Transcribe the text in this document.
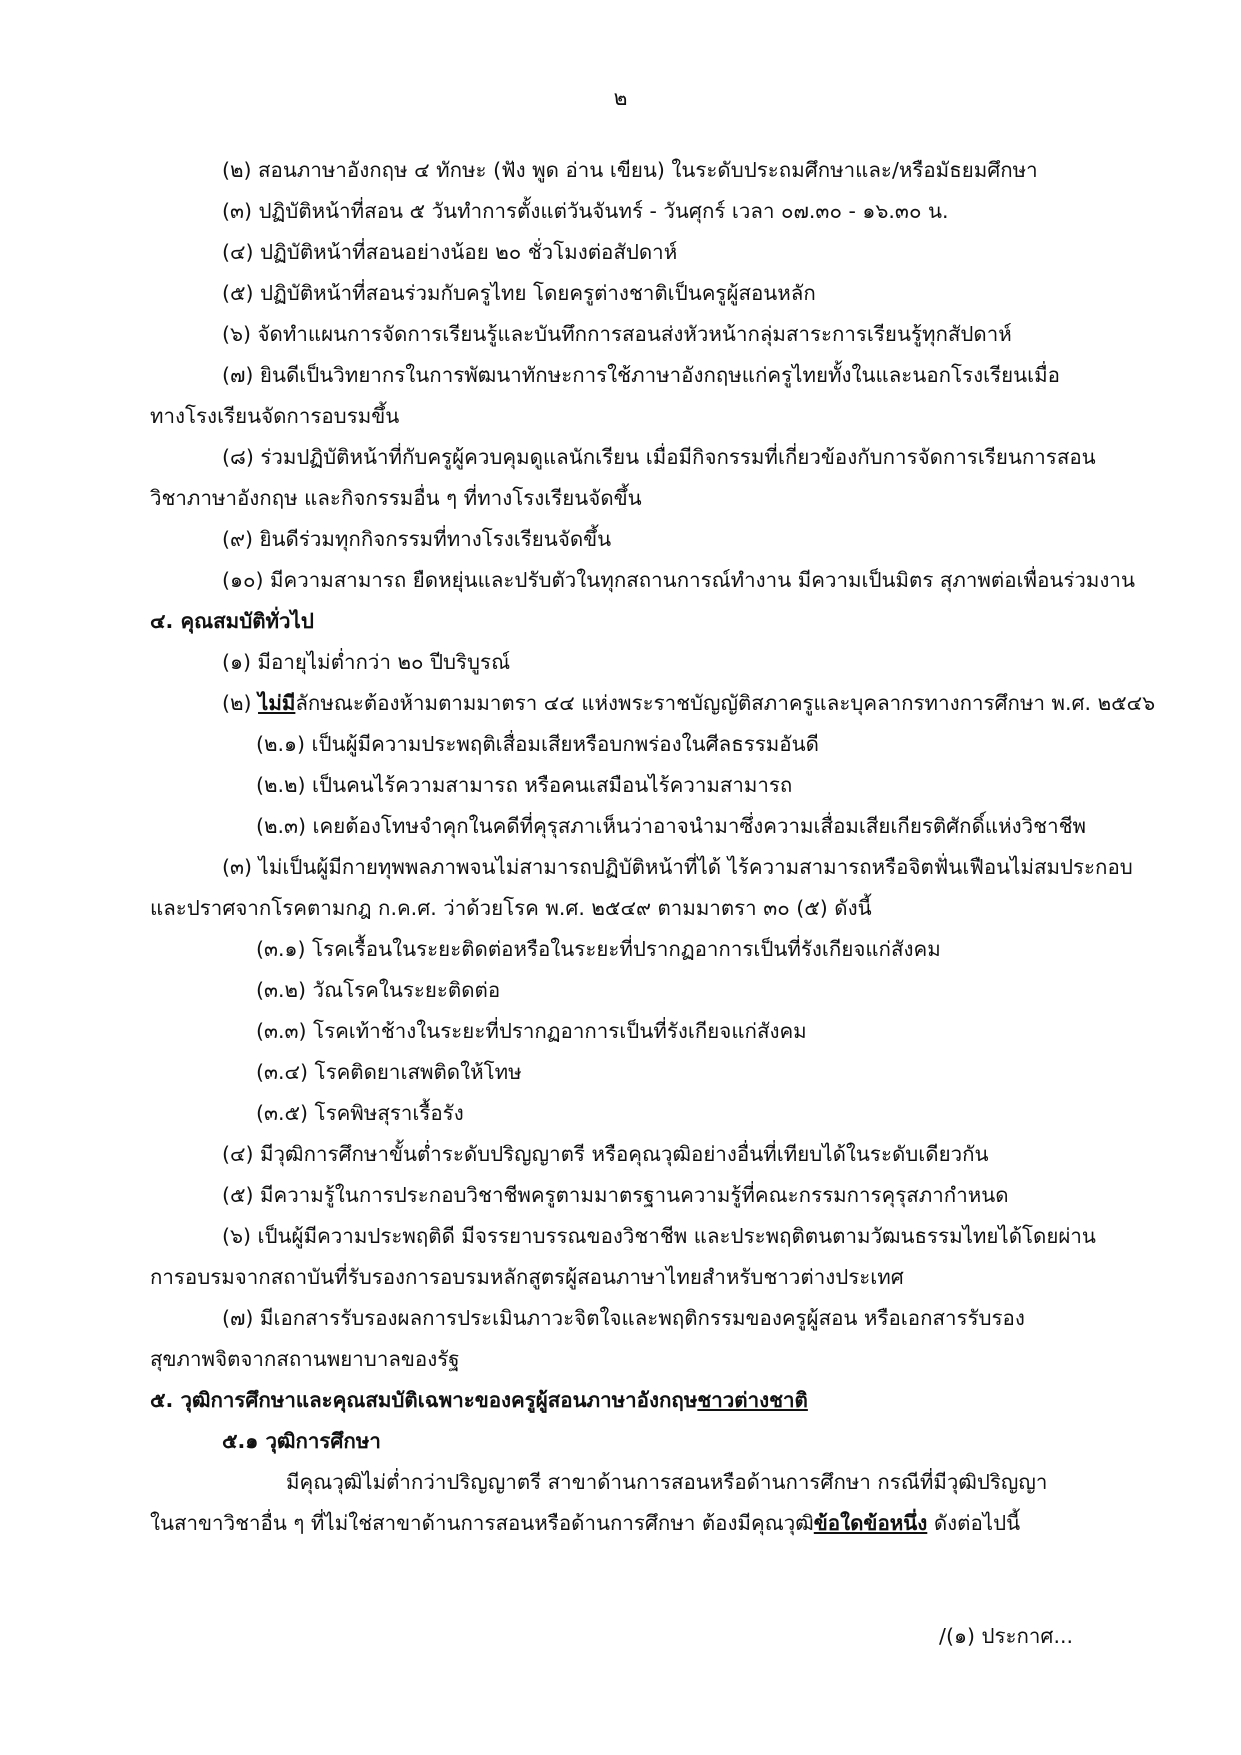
๒
(๒) สอนภาษาอังกฤษ ๔ ทักษะ (ฟัง พูด อ่าน เขียน) ในระดับประถมศึกษาและ/หรือมัธยมศึกษา
(๓) ปฏิบัติหน้าที่สอน ๕ วันทำการตั้งแต่วันจันทร์ - วันศุกร์ เวลา ๐๗.๓๐ - ๑๖.๓๐ น.
(๔) ปฏิบัติหน้าที่สอนอย่างน้อย ๒๐ ชั่วโมงต่อสัปดาห์
(๕) ปฏิบัติหน้าที่สอนร่วมกับครูไทย โดยครูต่างชาติเป็นครูผู้สอนหลัก
(๖) จัดทำแผนการจัดการเรียนรู้และบันทึกการสอนส่งหัวหน้ากลุ่มสาระการเรียนรู้ทุกสัปดาห์
(๗) ยินดีเป็นวิทยากรในการพัฒนาทักษะการใช้ภาษาอังกฤษแก่ครูไทยทั้งในและนอกโรงเรียนเมื่อ
ทางโรงเรียนจัดการอบรมขึ้น
(๘) ร่วมปฏิบัติหน้าที่กับครูผู้ควบคุมดูแลนักเรียน เมื่อมีกิจกรรมที่เกี่ยวข้องกับการจัดการเรียนการสอน
วิชาภาษาอังกฤษ และกิจกรรมอื่น ๆ ที่ทางโรงเรียนจัดขึ้น
(๙) ยินดีร่วมทุกกิจกรรมที่ทางโรงเรียนจัดขึ้น
(๑๐) มีความสามารถ ยืดหยุ่นและปรับตัวในทุกสถานการณ์ทำงาน มีความเป็นมิตร สุภาพต่อเพื่อนร่วมงาน
๔. คุณสมบัติทั่วไป
(๑) มีอายุไม่ต่ำกว่า ๒๐ ปีบริบูรณ์
(๒) ไม่มีลักษณะต้องห้ามตามมาตรา ๔๔ แห่งพระราชบัญญัติสภาครูและบุคลากรทางการศึกษา พ.ศ. ๒๕๔๖
(๒.๑) เป็นผู้มีความประพฤติเสื่อมเสียหรือบกพร่องในศีลธรรมอันดี
(๒.๒) เป็นคนไร้ความสามารถ หรือคนเสมือนไร้ความสามารถ
(๒.๓) เคยต้องโทษจำคุกในคดีที่คุรุสภาเห็นว่าอาจนำมาซึ่งความเสื่อมเสียเกียรติศักดิ์แห่งวิชาชีพ
(๓) ไม่เป็นผู้มีกายทุพพลภาพจนไม่สามารถปฏิบัติหน้าที่ได้ ไร้ความสามารถหรือจิตฟั่นเฟือนไม่สมประกอบ
และปราศจากโรคตามกฎ ก.ค.ศ. ว่าด้วยโรค พ.ศ. ๒๕๔๙ ตามมาตรา ๓๐ (๕) ดังนี้
(๓.๑) โรคเรื้อนในระยะติดต่อหรือในระยะที่ปรากฏอาการเป็นที่รังเกียจแก่สังคม
(๓.๒) วัณโรคในระยะติดต่อ
(๓.๓) โรคเท้าช้างในระยะที่ปรากฏอาการเป็นที่รังเกียจแก่สังคม
(๓.๔) โรคติดยาเสพติดให้โทษ
(๓.๕) โรคพิษสุราเรื้อรัง
(๔) มีวุฒิการศึกษาขั้นต่ำระดับปริญญาตรี หรือคุณวุฒิอย่างอื่นที่เทียบได้ในระดับเดียวกัน
(๕) มีความรู้ในการประกอบวิชาชีพครูตามมาตรฐานความรู้ที่คณะกรรมการคุรุสภากำหนด
(๖) เป็นผู้มีความประพฤติดี มีจรรยาบรรณของวิชาชีพ และประพฤติตนตามวัฒนธรรมไทยได้โดยผ่าน
การอบรมจากสถาบันที่รับรองการอบรมหลักสูตรผู้สอนภาษาไทยสำหรับชาวต่างประเทศ
(๗) มีเอกสารรับรองผลการประเมินภาวะจิตใจและพฤติกรรมของครูผู้สอน หรือเอกสารรับรอง
สุขภาพจิตจากสถานพยาบาลของรัฐ
๕. วุฒิการศึกษาและคุณสมบัติเฉพาะของครูผู้สอนภาษาอังกฤษชาวต่างชาติ
๕.๑ วุฒิการศึกษา
มีคุณวุฒิไม่ต่ำกว่าปริญญาตรี สาขาด้านการสอนหรือด้านการศึกษา กรณีที่มีวุฒิปริญญา
ในสาขาวิชาอื่น ๆ ที่ไม่ใช่สาขาด้านการสอนหรือด้านการศึกษา ต้องมีคุณวุฒิข้อใดข้อหนึ่ง ดังต่อไปนี้
/(๑) ประกาศ...
